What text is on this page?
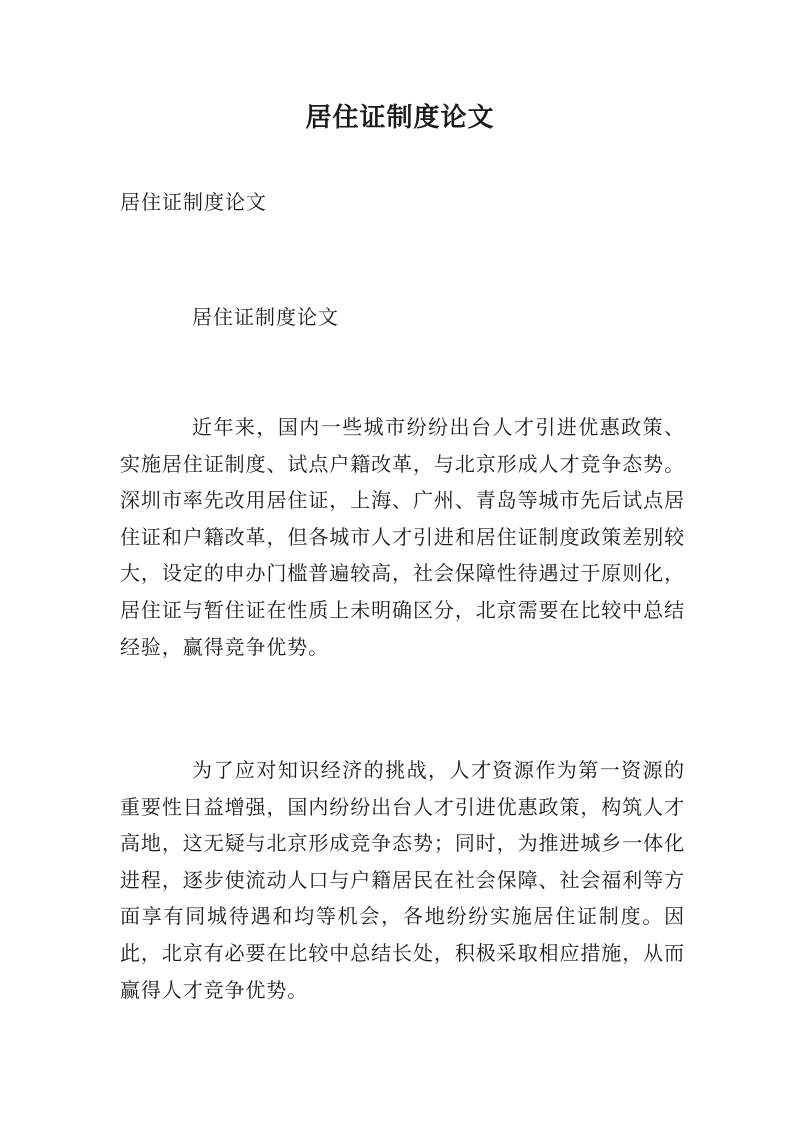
居住证制度论文
居住证制度论文
居住证制度论文

近年来，国内一些城市纷纷出台人才引进优惠政策、实施居住证制度、试点户籍改革，与北京形成人才竞争态势。深圳市率先改用居住证，上海、广州、青岛等城市先后试点居住证和户籍改革，但各城市人才引进和居住证制度政策差别较大，设定的申办门槛普遍较高，社会保障性待遇过于原则化，居住证与暂住证在性质上未明确区分，北京需要在比较中总结经验，赢得竞争优势。

为了应对知识经济的挑战，人才资源作为第一资源的重要性日益增强，国内纷纷出台人才引进优惠政策，构筑人才高地，这无疑与北京形成竞争态势；同时，为推进城乡一体化进程，逐步使流动人口与户籍居民在社会保障、社会福利等方面享有同城待遇和均等机会，各地纷纷实施居住证制度。因此，北京有必要在比较中总结长处，积极采取相应措施，从而赢得人才竞争优势。
